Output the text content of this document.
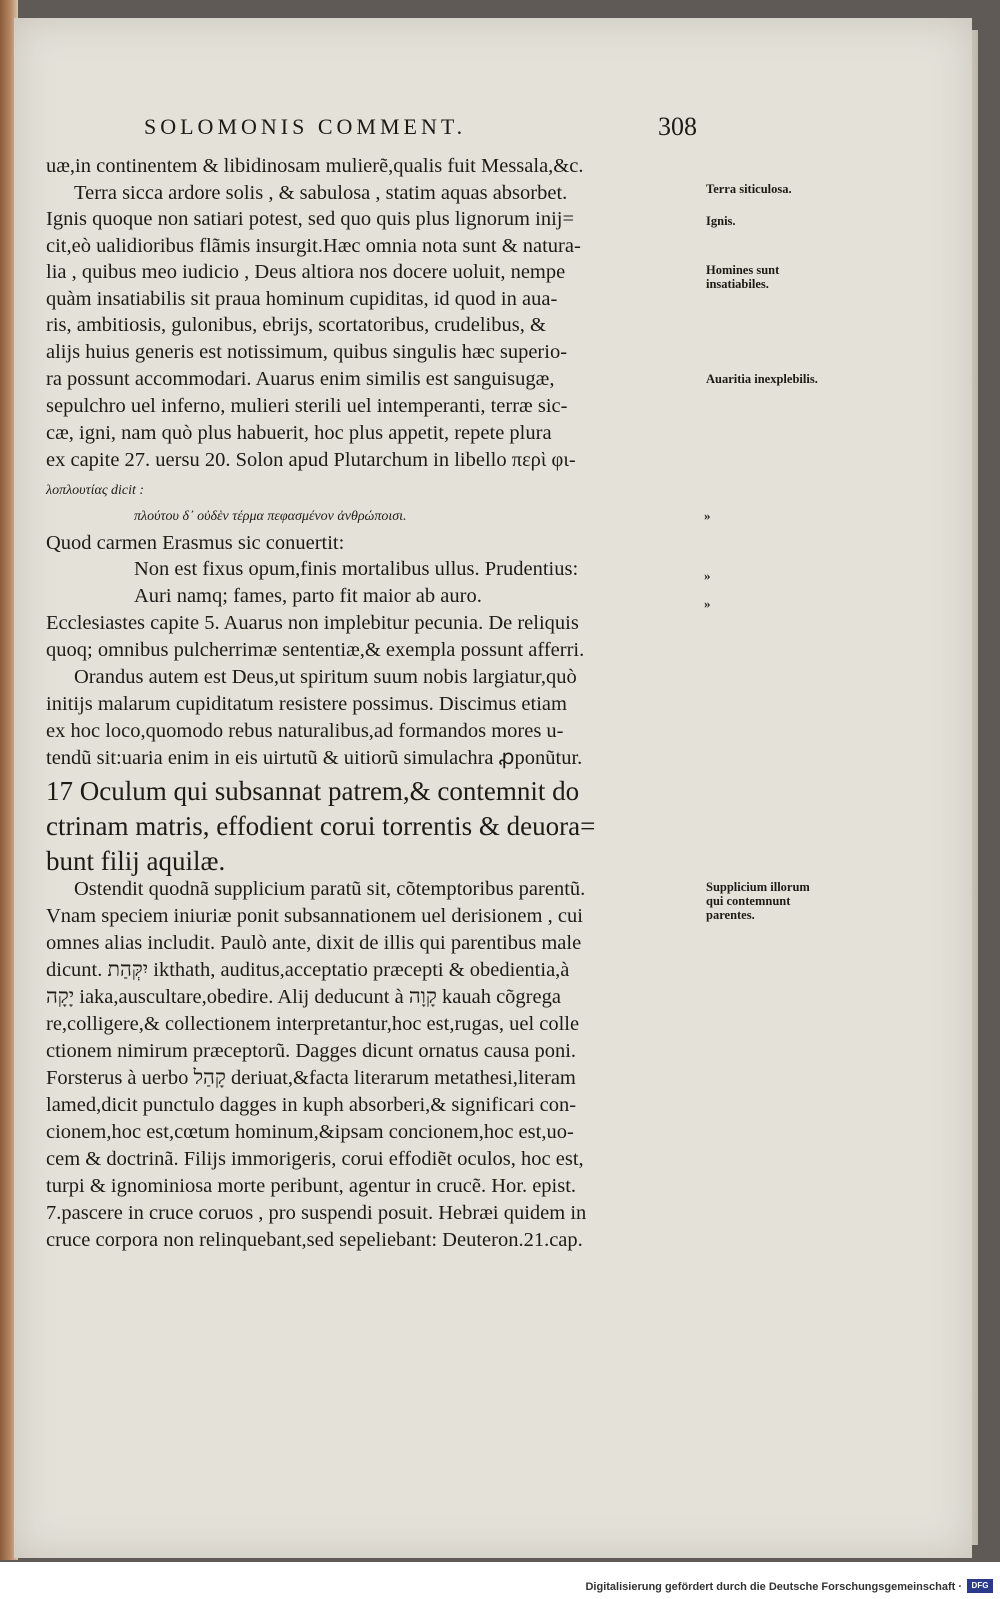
SOLOMONIS COMMENT.	308
uæ,in continentem & libidinosam mulierẽ,qualis fuit Messala,&c.
Terra sicca ardore solis , & sabulosa , statim aquas absorbet.
Ignis quoque non satiari potest, sed quo quis plus lignorum inij=
cit,eò ualidioribus flãmis insurgit.Hæc omnia nota sunt & natura-
lia , quibus meo iudicio , Deus altiora nos docere uoluit, nempe
quàm insatiabilis sit praua hominum cupiditas, id quod in aua-
ris, ambitiosis, gulonibus, ebrijs, scortatoribus, crudelibus, &
alijs huius generis est notissimum, quibus singulis hæc superio-
ra possunt accommodari. Auarus enim similis est sanguisugæ,
sepulchro uel inferno, mulieri sterili uel intemperanti, terræ sic-
cæ, igni, nam quò plus habuerit, hoc plus appetit, repete plura
ex capite 27. uersu 20. Solon apud Plutarchum in libello περὶ φι-
λοπλουτίας dicit :
πλούτου δ᾽ οὐδὲν τέρμα πεφασμένον ἀνθρώποισι.
Quod carmen Erasmus sic conuertit:
Non est fixus opum,finis mortalibus ullus. Prudentius:
Auri namq; fames, parto fit maior ab auro.
Ecclesiastes capite 5. Auarus non implebitur pecunia. De reliquis
quoq; omnibus pulcherrimæ sententiæ,& exempla possunt afferri.
Orandus autem est Deus,ut spiritum suum nobis largiatur,quò
initijs malarum cupiditatum resistere possimus. Discimus etiam
ex hoc loco,quomodo rebus naturalibus,ad formandos mores u-
tendũ sit:uaria enim in eis uirtutũ & uitiorũ simulachra ꝓponũtur.
17 Oculum qui subsannat patrem,& contemnit do
ctrinam matris, effodient corui torrentis & deuora=
bunt filij aquilæ.
Ostendit quodnã supplicium paratũ sit, cõtemptoribus parentũ.
Vnam speciem iniuriæ ponit subsannationem uel derisionem , cui
omnes alias includit. Paulò ante, dixit de illis qui parentibus male
dicunt. יִקְּהַת ikthath, auditus,acceptatio præcepti & obedientia,à
יָקָה iaka,auscultare,obedire. Alij deducunt à קָוָה kauah cõgrega
re,colligere,& collectionem interpretantur,hoc est,rugas, uel colle
ctionem nimirum præceptorũ. Dagges dicunt ornatus causa poni.
Forsterus à uerbo קָהַל deriuat,&facta literarum metathesi,literam
lamed,dicit punctulo dagges in kuph absorberi,& significari con-
cionem,hoc est,cœtum hominum,&ipsam concionem,hoc est,uo-
cem & doctrinã. Filijs immorigeris, corui effodiẽt oculos, hoc est,
turpi & ignominiosa morte peribunt, agentur in crucẽ. Hor. epist.
7.pascere in cruce coruos , pro suspendi posuit. Hebræi quidem in
cruce corpora non relinquebant,sed sepeliebant: Deuteron.21.cap.
Terra siticulosa.
Ignis.
Homines sunt insatiabiles.
Auaritia inexplebilis.
Supplicium illorum qui contemnunt parentes.
»
»
»
Digitalisierung gefördert durch die Deutsche Forschungsgemeinschaft ·	DFG
